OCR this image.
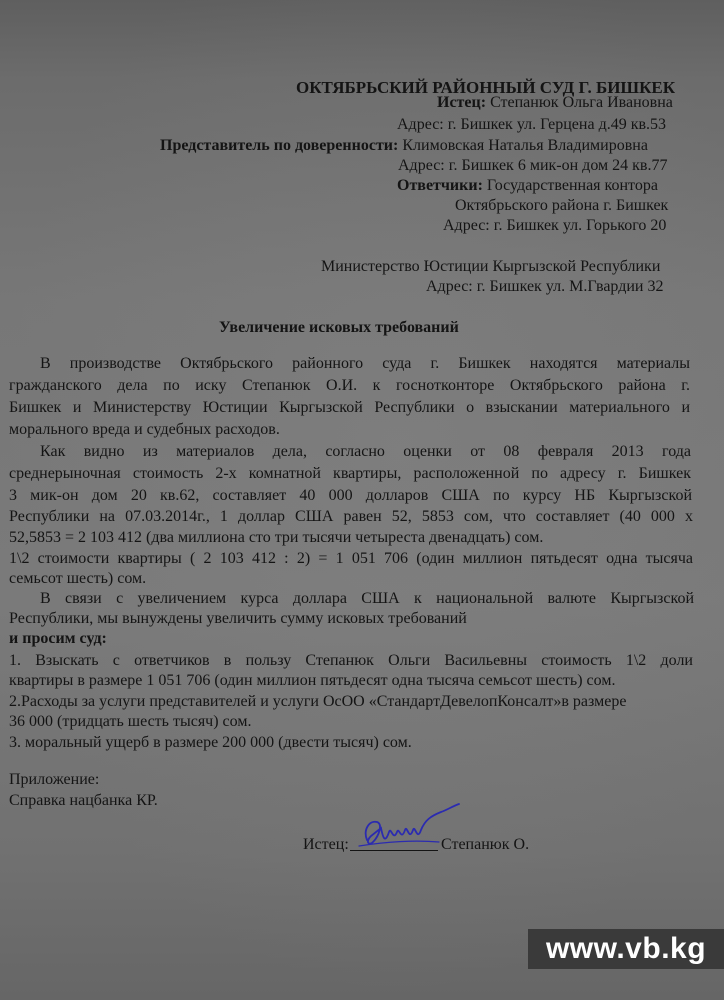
ОКТЯБРЬСКИЙ РАЙОННЫЙ СУД Г. БИШКЕК
Истец: Степанюк Ольга Ивановна
Адрес: г. Бишкек ул. Герцена д.49 кв.53
Представитель по доверенности: Климовская Наталья Владимировна
Адрес: г. Бишкек 6 мик-он дом 24 кв.77
Ответчики: Государственная контора
Октябрьского района г. Бишкек
Адрес: г. Бишкек ул. Горького 20
Министерство Юстиции Кыргызской Республики
Адрес: г. Бишкек ул. М.Гвардии 32
Увеличение исковых требований
В производстве Октябрьского районного суда г. Бишкек находятся материалы
гражданского дела по иску Степанюк О.И. к госнотконторе Октябрьского района г.
Бишкек и Министерству Юстиции Кыргызской Республики о взыскании материального и
морального вреда и судебных расходов.
Как видно из материалов дела, согласно оценки от 08 февраля 2013 года
среднерыночная стоимость 2-х комнатной квартиры, расположенной по адресу г. Бишкек
3 мик-он дом 20 кв.62, составляет 40 000 долларов США по курсу НБ Кыргызской
Республики на 07.03.2014г., 1 доллар США равен 52, 5853 сом, что составляет (40 000 х
52,5853 = 2 103 412 (два миллиона сто три тысячи четыреста двенадцать) сом.
1\2 стоимости квартиры ( 2 103 412 : 2) = 1 051 706 (один миллион пятьдесят одна тысяча
семьсот шесть) сом.
В связи с увеличением курса доллара США к национальной валюте Кыргызской
Республики, мы вынуждены увеличить сумму исковых требований
и просим суд:
1. Взыскать с ответчиков в пользу Степанюк Ольги Васильевны стоимость 1\2 доли
квартиры в размере 1 051 706 (один миллион пятьдесят одна тысяча семьсот шесть) сом.
2.Расходы за услуги представителей и услуги ОсОО «СтандартДевелопКонсалт»в размере
36 000 (тридцать шесть тысяч) сом.
3. моральный ущерб в размере 200 000 (двести тысяч) сом.
Приложение:
Справка нацбанка КР.
Истец:	Степанюк О.
www.vb.kg
